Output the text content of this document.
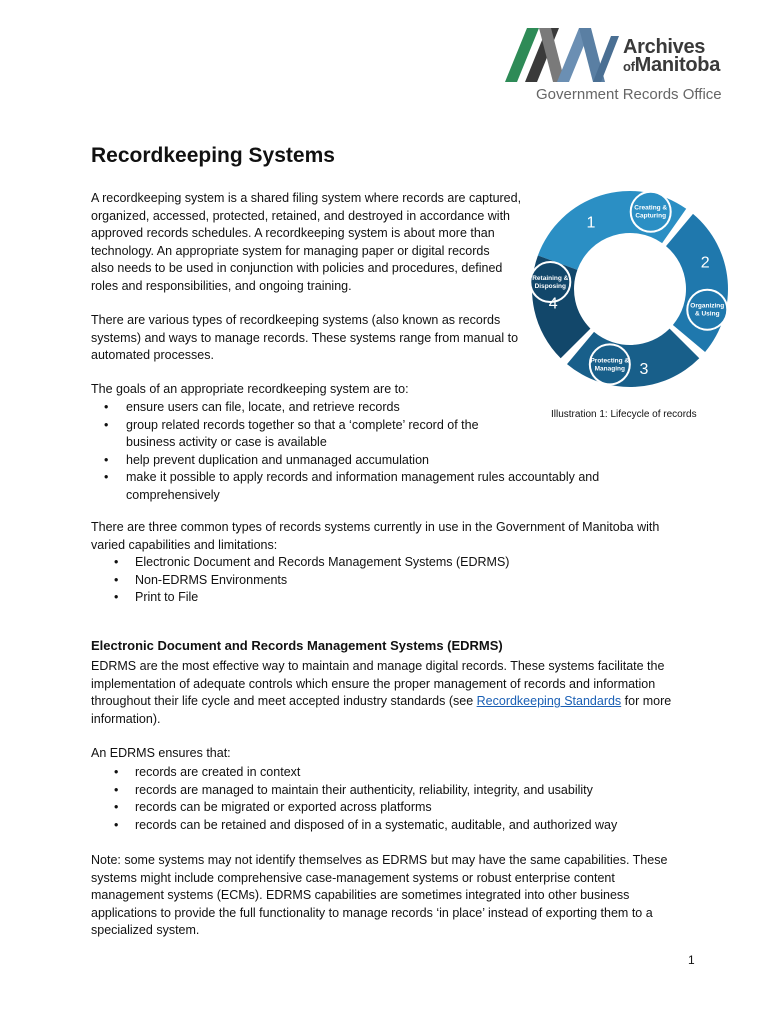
Archives
ofManitoba
Government Records Office
Recordkeeping Systems
A recordkeeping system is a shared filing system where records are captured,
organized, accessed, protected, retained, and destroyed in accordance with
approved records schedules. A recordkeeping system is about more than
technology. An appropriate system for managing paper or digital records
also needs to be used in conjunction with policies and procedures, defined
roles and responsibilities, and ongoing training.
There are various types of recordkeeping systems (also known as records
systems) and ways to manage records. These systems range from manual to
automated processes.
The goals of an appropriate recordkeeping system are to:
• ensure users can file, locate, and retrieve records
• group related records together so that a ‘complete’ record of the
business activity or case is available
• help prevent duplication and unmanaged accumulation
• make it possible to apply records and information management rules accountably and
comprehensively
There are three common types of records systems currently in use in the Government of Manitoba with
varied capabilities and limitations:
• Electronic Document and Records Management Systems (EDRMS)
• Non-EDRMS Environments
• Print to File
Electronic Document and Records Management Systems (EDRMS)
EDRMS are the most effective way to maintain and manage digital records. These systems facilitate the
implementation of adequate controls which ensure the proper management of records and information
throughout their life cycle and meet accepted industry standards (see Recordkeeping Standards for more
information).
An EDRMS ensures that:
• records are created in context
• records are managed to maintain their authenticity, reliability, integrity, and usability
• records can be migrated or exported across platforms
• records can be retained and disposed of in a systematic, auditable, and authorized way
Note: some systems may not identify themselves as EDRMS but may have the same capabilities. These
systems might include comprehensive case-management systems or robust enterprise content
management systems (ECMs). EDRMS capabilities are sometimes integrated into other business
applications to provide the full functionality to manage records ‘in place’ instead of exporting them to a
specialized system.
1
Creating &
Capturing
2
Organizing
& Using
3
Protecting &
Managing
4
Retaining &
Disposing
Illustration 1: Lifecycle of records
1
